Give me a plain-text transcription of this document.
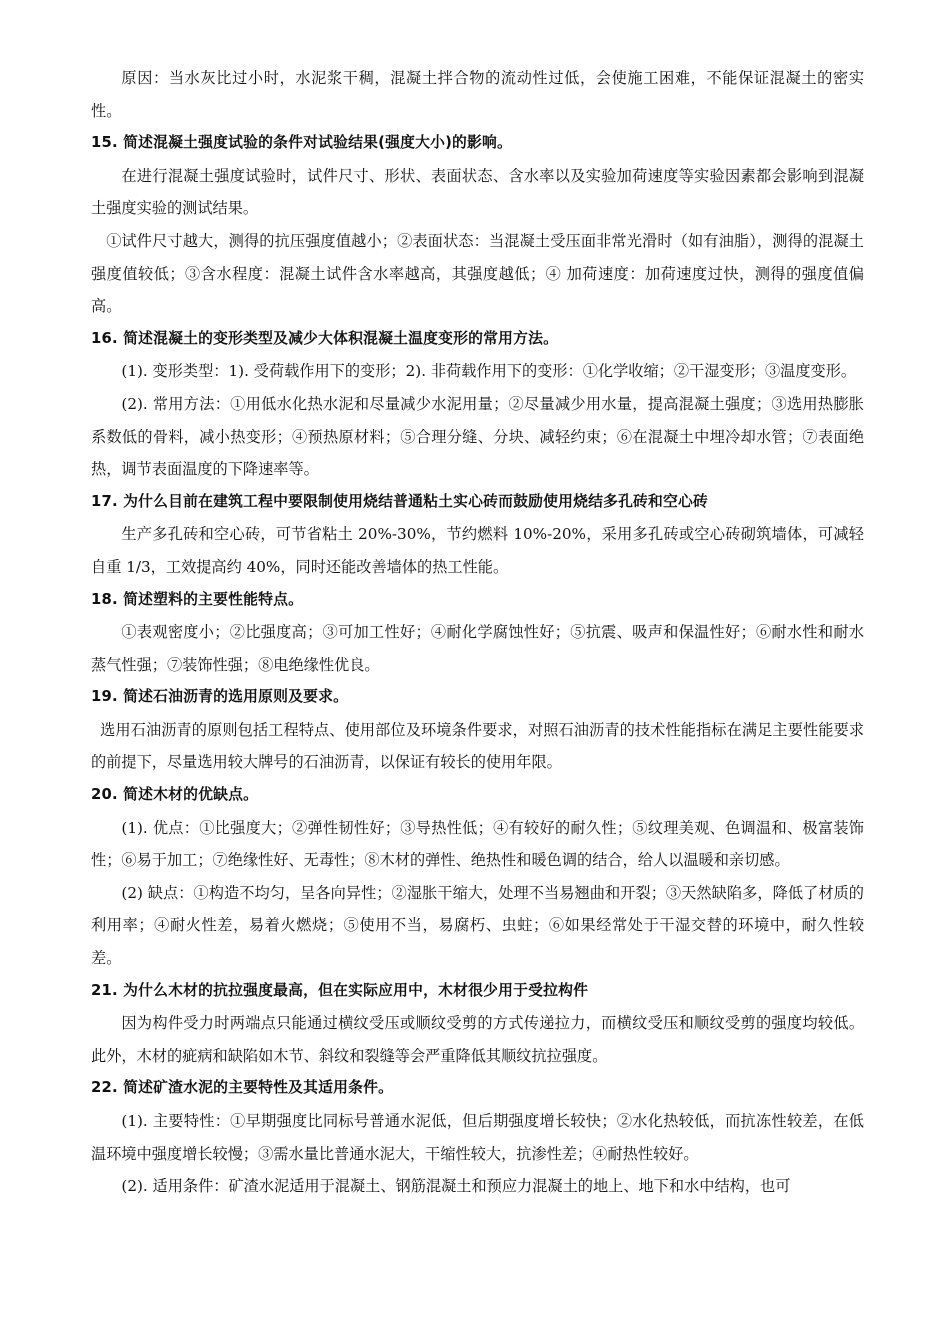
原因：当水灰比过小时，水泥浆干稠，混凝土拌合物的流动性过低，会使施工困难，不能保证混凝土的密实性。

15. 简述混凝土强度试验的条件对试验结果(强度大小)的影响。

在进行混凝土强度试验时，试件尺寸、形状、表面状态、含水率以及实验加荷速度等实验因素都会影响到混凝土强度实验的测试结果。

①试件尺寸越大，测得的抗压强度值越小；②表面状态：当混凝土受压面非常光滑时（如有油脂），测得的混凝土强度值较低；③含水程度：混凝土试件含水率越高，其强度越低；④ 加荷速度：加荷速度过快，测得的强度值偏高。

16. 简述混凝土的变形类型及减少大体积混凝土温度变形的常用方法。

(1). 变形类型：1). 受荷载作用下的变形；2). 非荷载作用下的变形：①化学收缩；②干湿变形；③温度变形。

(2). 常用方法：①用低水化热水泥和尽量减少水泥用量；②尽量减少用水量，提高混凝土强度；③选用热膨胀系数低的骨料，减小热变形；④预热原材料；⑤合理分缝、分块、减轻约束；⑥在混凝土中埋冷却水管；⑦表面绝热，调节表面温度的下降速率等。

17. 为什么目前在建筑工程中要限制使用烧结普通粘土实心砖而鼓励使用烧结多孔砖和空心砖

生产多孔砖和空心砖，可节省粘土 20%-30%，节约燃料 10%-20%，采用多孔砖或空心砖砌筑墙体，可减轻自重 1/3，工效提高约 40%，同时还能改善墙体的热工性能。

18. 简述塑料的主要性能特点。

①表观密度小；②比强度高；③可加工性好；④耐化学腐蚀性好；⑤抗震、吸声和保温性好；⑥耐水性和耐水蒸气性强；⑦装饰性强；⑧电绝缘性优良。

19. 简述石油沥青的选用原则及要求。

选用石油沥青的原则包括工程特点、使用部位及环境条件要求，对照石油沥青的技术性能指标在满足主要性能要求的前提下，尽量选用较大牌号的石油沥青，以保证有较长的使用年限。

20. 简述木材的优缺点。

(1). 优点：①比强度大；②弹性韧性好；③导热性低；④有较好的耐久性；⑤纹理美观、色调温和、极富装饰性；⑥易于加工；⑦绝缘性好、无毒性；⑧木材的弹性、绝热性和暖色调的结合，给人以温暖和亲切感。

(2) 缺点：①构造不均匀，呈各向异性；②湿胀干缩大，处理不当易翘曲和开裂；③天然缺陷多，降低了材质的利用率；④耐火性差，易着火燃烧；⑤使用不当，易腐朽、虫蛀；⑥如果经常处于干湿交替的环境中，耐久性较差。

21. 为什么木材的抗拉强度最高，但在实际应用中，木材很少用于受拉构件

因为构件受力时两端点只能通过横纹受压或顺纹受剪的方式传递拉力，而横纹受压和顺纹受剪的强度均较低。此外，木材的疵病和缺陷如木节、斜纹和裂缝等会严重降低其顺纹抗拉强度。

22. 简述矿渣水泥的主要特性及其适用条件。

(1). 主要特性：①早期强度比同标号普通水泥低，但后期强度增长较快；②水化热较低，而抗冻性较差，在低温环境中强度增长较慢；③需水量比普通水泥大，干缩性较大，抗渗性差；④耐热性较好。

(2). 适用条件：矿渣水泥适用于混凝土、钢筋混凝土和预应力混凝土的地上、地下和水中结构，也可
